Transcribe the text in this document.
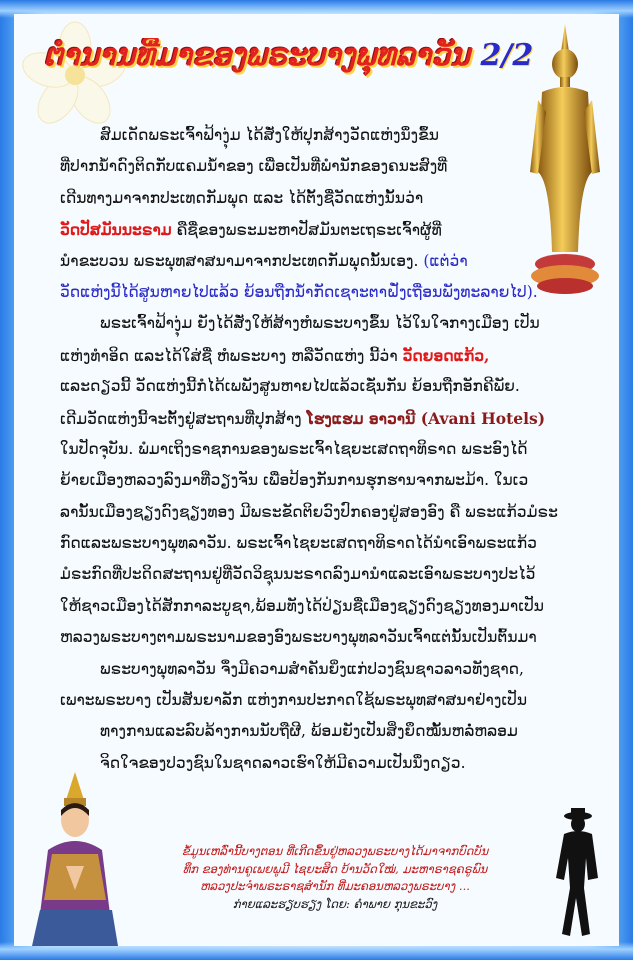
ຕຳນານທີ່ມາຂອງພຣະບາງພຸທລາວັນ 2/2
ສົມເດັດພຣະເຈົ້າຟ້າງຸ່ມ ໄດ້ສັ່ງໃຫ້ປຸກສ້າງວັດແຫ່ງນຶ່ງຂຶ້ນ
ທີ່ປາກນ້ຳດົງຕິດກັບແຄມນ້ຳຂອງ ເພື່ອເປັນທີ່ພຳນັກຂອງຄນະສົງທີ່
ເດີນທາງມາຈາກປະເທດກັມພຸດ ແລະ ໄດ້ຕັ້ງຊື່ວັດແຫ່ງນັ້ນວ່າ
ວັດປັສມັນນະຣາມ ຄືຊື່ຂອງພຣະມະຫາປັສມັນຕະເຖຣະເຈົ້າຜູ້ທີ່
ນຳຂະບວນ ພຣະພຸທສາສນາມາຈາກປະເທດກັມພຸດນັ້ນເອງ. (ແຕ່ວ່າ
ວັດແຫ່ງນີ້ໄດ້ສູນຫາຍໄປແລ້ວ ຍ້ອນຖືກນ້ຳກັດເຊາະຕາຝັ່ງເຖື່ອນພັງທະລາຍໄປ).
ພຣະເຈົ້າຟ້າງຸ່ມ ຍັງໄດ້ສັ່ງໃຫ້ສ້າງຫໍພຣະບາງຂຶ້ນ ໄວ້ໃນໃຈກາງເມືອງ ເປັນ
ແຫ່ງທຳອິດ ແລະໄດ້ໃສ່ຊື່ ຫໍພຣະບາງ ຫລືວັດແຫ່ງ ນີ້ວ່າ ວັດຍອດແກ້ວ,
ແລະດຽວນີ້ ວັດແຫ່ງນີ້ກໍໄດ້ເພພັງສູນຫາຍໄປແລ້ວເຊັ່ນກັນ ຍ້ອນຖືກອັກຄີພັຍ.
ເດີມວັດແຫ່ງນີ້ຈະຕັ້ງຢູ່ສະຖານທີ່ປຸກສ້າງ ໂຮງແຮມ ອາວານີ (Avani Hotels)
ໃນປັດຈຸບັນ. ພໍມາເຖິງຣາຊການຂອງພຣະເຈົ້າໄຊຍະເສດຖາທິຣາດ ພຣະອົງໄດ້
ຍ້າຍເມືອງຫລວງລົງມາທີ່ວຽງຈັນ ເພື່ອປ້ອງກັນການຮຸກຮານຈາກພະມ້າ. ໃນເວ
ລານັ້ນເມືອງຊຽງດົງຊຽງທອງ ມີພຣະຂັດຕິຍວົງປົກຄອງຢູ່ສອງອົງ ຄື ພຣະແກ້ວມໍຣະ
ກົດແລະພຣະບາງພຸທລາວັນ. ພຣະເຈົ້າໄຊຍະເສດຖາທິຣາດໄດ້ນຳເອົາພຣະແກ້ວ
ມໍຣະກົດທີ່ປະດິດສະຖານຢູ່ທີ່ວັດວິຊຸນນະຣາດລົງມານຳແລະເອົາພຣະບາງປະໄວ້
ໃຫ້ຊາວເມືອງໄດ້ສັກກາລະບູຊາ,ພ້ອມທັງໄດ້ປ່ຽນຊື່ເມືອງຊຽງດົງຊຽງທອງມາເປັນ
ຫລວງພຣະບາງຕາມພຣະນາມຂອງອົງພຣະບາງພຸທລາວັນເຈົ້າແຕ່ນັ້ນເປັນຕົ້ນມາ
ພຣະບາງພຸທລາວັນ ຈຶ່ງມີຄວາມສຳຄັນຍິ່ງແກ່ປວງຊົນຊາວລາວທັງຊາດ,
ເພາະພຣະບາງ ເປັນສັນຍາລັກ ແຫ່ງການປະກາດໃຊ້ພຣະພຸທສາສນາຢ່າງເປັນ
ທາງການແລະລົບລ້າງການນັບຖືຜີ, ພ້ອມຍັງເປັນສິ່ງຍຶດໝັ້ນຫລໍ່ຫລອມ
ຈິດໃຈຂອງປວງຊົນໃນຊາດລາວເຮົາໃຫ້ມີຄວາມເປັນນຶ່ງດຽວ.
ຂໍ້ມູນເຫລົ່ານີ້ບາງຕອນ ທີ່ເກີດຂຶ້ນຢູ່ຫລວງພຣະບາງໄດ້ມາຈາກບົດບັນ
ທຶກ ຂອງທ່ານຄູເພຍພູມີ ໄຊຍະສິດ ບ້ານວັດໃໝ່, ມະຫາຣາຊຄຣູພົນ
ຫລວງປະຈຳພຣະຣາຊສຳນັກ ທີ່ມະຄອນຫລວງພຣະບາງ ...
ກ່າຍແລະຮຽບຮຽງ ໂດຍ: ຄຳພາຍ ກຸນຂະວົງ
